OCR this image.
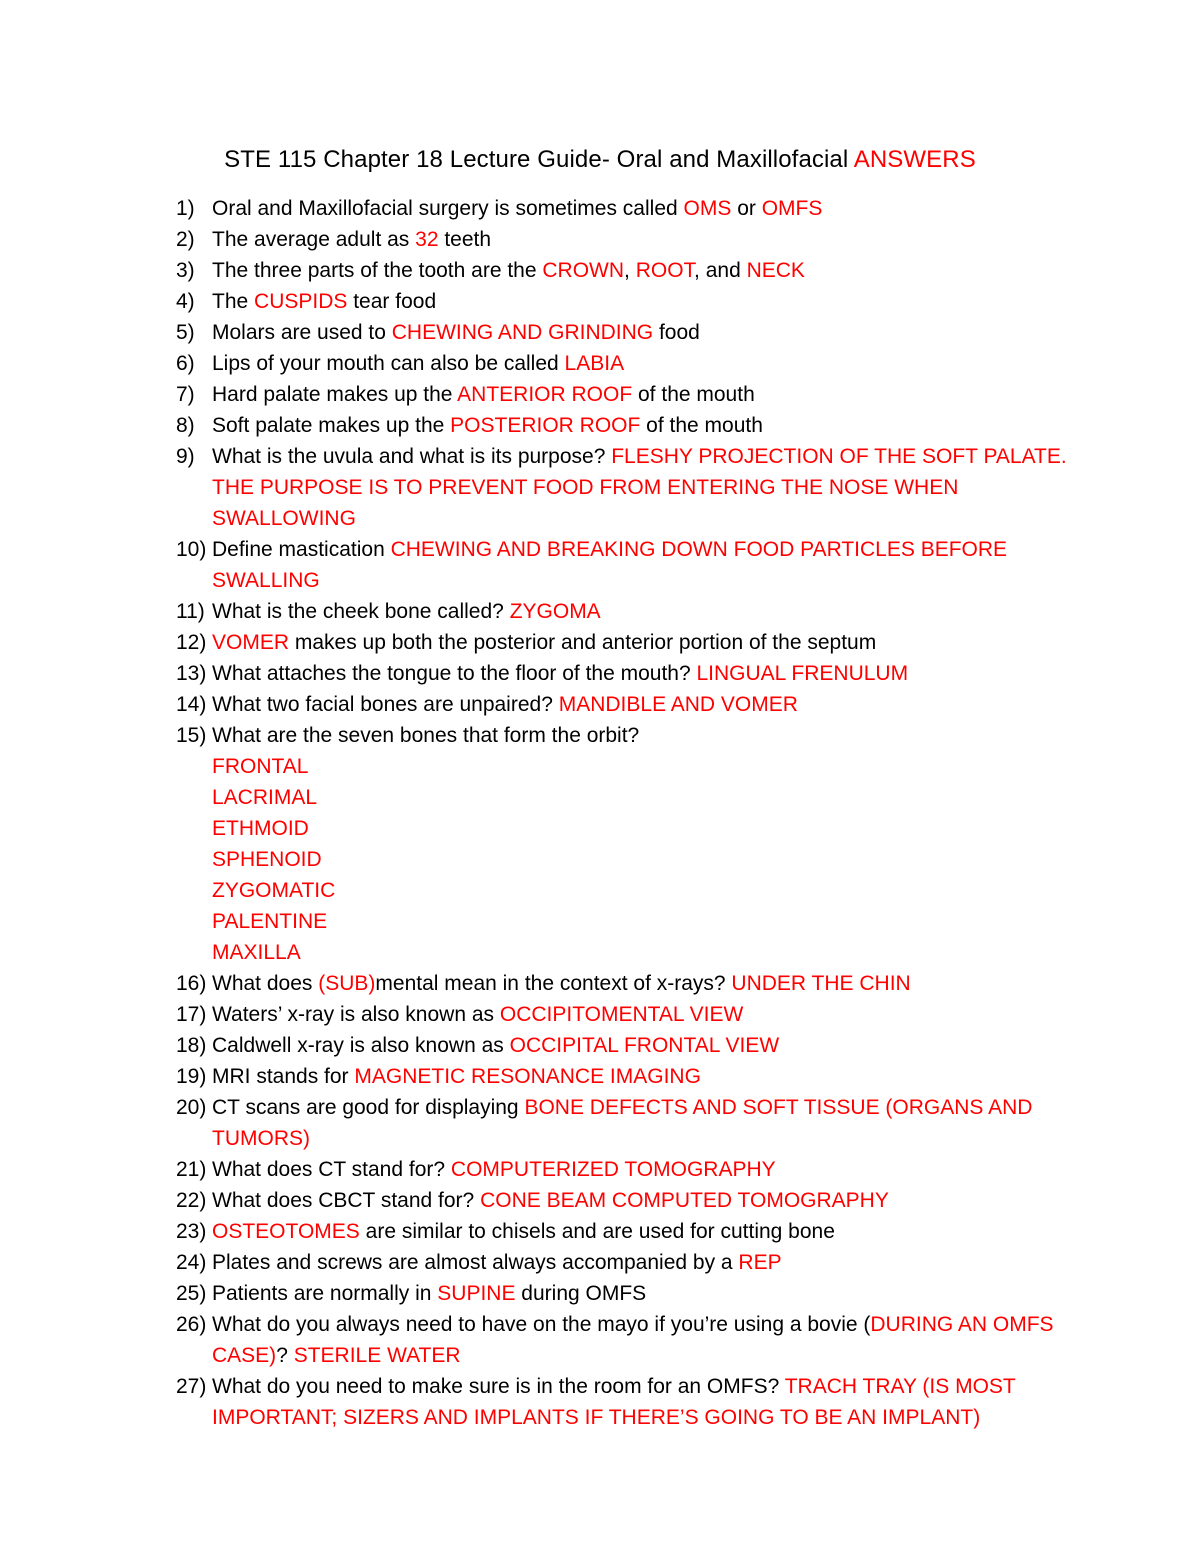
STE 115 Chapter 18 Lecture Guide- Oral and Maxillofacial ANSWERS
1) Oral and Maxillofacial surgery is sometimes called OMS or OMFS
2) The average adult as 32 teeth
3) The three parts of the tooth are the CROWN, ROOT, and NECK
4) The CUSPIDS tear food
5) Molars are used to CHEWING AND GRINDING food
6) Lips of your mouth can also be called LABIA
7) Hard palate makes up the ANTERIOR ROOF of the mouth
8) Soft palate makes up the POSTERIOR ROOF of the mouth
9) What is the uvula and what is its purpose? FLESHY PROJECTION OF THE SOFT PALATE. THE PURPOSE IS TO PREVENT FOOD FROM ENTERING THE NOSE WHEN SWALLOWING
10) Define mastication CHEWING AND BREAKING DOWN FOOD PARTICLES BEFORE SWALLING
11) What is the cheek bone called? ZYGOMA
12) VOMER makes up both the posterior and anterior portion of the septum
13) What attaches the tongue to the floor of the mouth? LINGUAL FRENULUM
14) What two facial bones are unpaired? MANDIBLE AND VOMER
15) What are the seven bones that form the orbit?
FRONTAL
LACRIMAL
ETHMOID
SPHENOID
ZYGOMATIC
PALENTINE
MAXILLA
16) What does (SUB)mental mean in the context of x-rays? UNDER THE CHIN
17) Waters’ x-ray is also known as OCCIPITOMENTAL VIEW
18) Caldwell x-ray is also known as OCCIPITAL FRONTAL VIEW
19) MRI stands for MAGNETIC RESONANCE IMAGING
20) CT scans are good for displaying BONE DEFECTS AND SOFT TISSUE (ORGANS AND TUMORS)
21) What does CT stand for? COMPUTERIZED TOMOGRAPHY
22) What does CBCT stand for? CONE BEAM COMPUTED TOMOGRAPHY
23) OSTEOTOMES are similar to chisels and are used for cutting bone
24) Plates and screws are almost always accompanied by a REP
25) Patients are normally in SUPINE during OMFS
26) What do you always need to have on the mayo if you’re using a bovie (DURING AN OMFS CASE)? STERILE WATER
27) What do you need to make sure is in the room for an OMFS? TRACH TRAY (IS MOST IMPORTANT; SIZERS AND IMPLANTS IF THERE’S GOING TO BE AN IMPLANT)
